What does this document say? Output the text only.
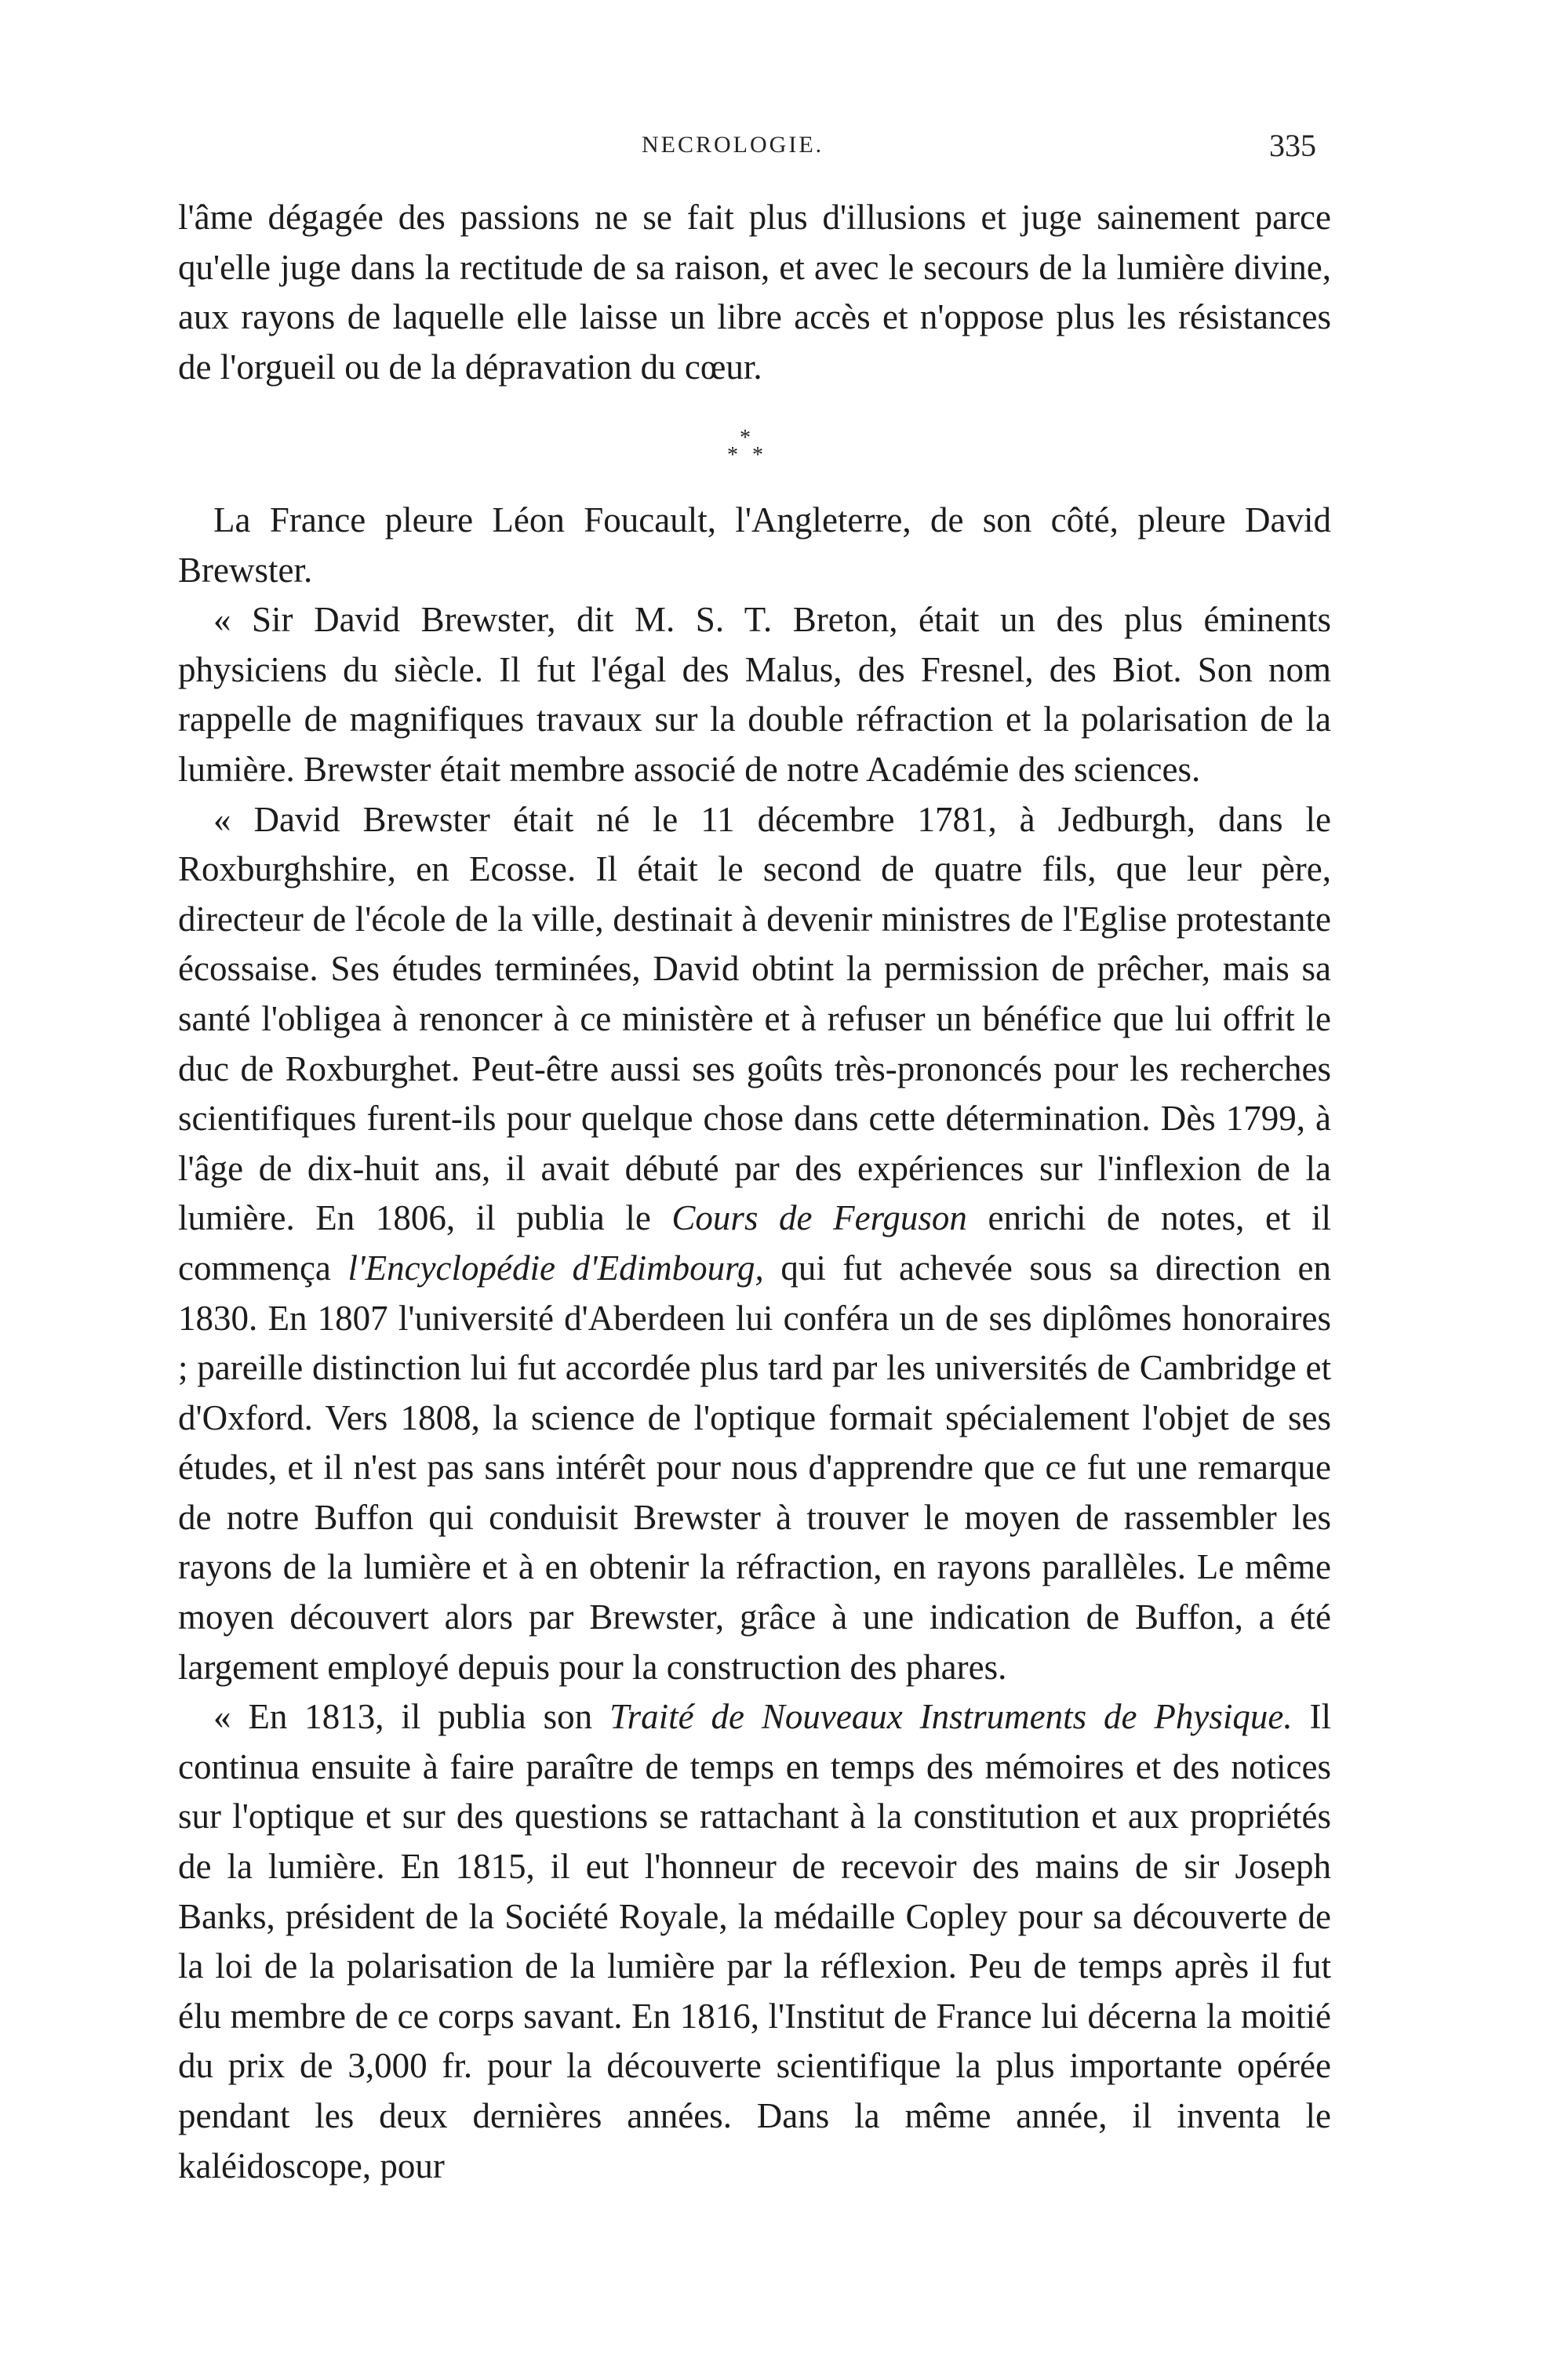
NECROLOGIE.	335

l'âme dégagée des passions ne se fait plus d'illusions et juge sainement parce qu'elle juge dans la rectitude de sa raison, et avec le secours de la lumière divine, aux rayons de laquelle elle laisse un libre accès et n'oppose plus les résistances de l'orgueil ou de la dépravation du cœur.

*
* *

La France pleure Léon Foucault, l'Angleterre, de son côté, pleure David Brewster.

« Sir David Brewster, dit M. S. T. Breton, était un des plus éminents physiciens du siècle. Il fut l'égal des Malus, des Fresnel, des Biot. Son nom rappelle de magnifiques travaux sur la double réfraction et la polarisation de la lumière. Brewster était membre associé de notre Académie des sciences.

« David Brewster était né le 11 décembre 1781, à Jedburgh, dans le Roxburghshire, en Ecosse. Il était le second de quatre fils, que leur père, directeur de l'école de la ville, destinait à devenir ministres de l'Eglise protestante écossaise. Ses études terminées, David obtint la permission de prêcher, mais sa santé l'obligea à renoncer à ce ministère et à refuser un bénéfice que lui offrit le duc de Roxburghet. Peut-être aussi ses goûts très-prononcés pour les recherches scientifiques furent-ils pour quelque chose dans cette détermination. Dès 1799, à l'âge de dix-huit ans, il avait débuté par des expériences sur l'inflexion de la lumière. En 1806, il publia le Cours de Ferguson enrichi de notes, et il commença l'Encyclopédie d'Edimbourg, qui fut achevée sous sa direction en 1830. En 1807 l'université d'Aberdeen lui conféra un de ses diplômes honoraires ; pareille distinction lui fut accordée plus tard par les universités de Cambridge et d'Oxford. Vers 1808, la science de l'optique formait spécialement l'objet de ses études, et il n'est pas sans intérêt pour nous d'apprendre que ce fut une remarque de notre Buffon qui conduisit Brewster à trouver le moyen de rassembler les rayons de la lumière et à en obtenir la réfraction, en rayons parallèles. Le même moyen découvert alors par Brewster, grâce à une indication de Buffon, a été largement employé depuis pour la construction des phares.

« En 1813, il publia son Traité de Nouveaux Instruments de Physique. Il continua ensuite à faire paraître de temps en temps des mémoires et des notices sur l'optique et sur des questions se rattachant à la constitution et aux propriétés de la lumière. En 1815, il eut l'honneur de recevoir des mains de sir Joseph Banks, président de la Société Royale, la médaille Copley pour sa découverte de la loi de la polarisation de la lumière par la réflexion. Peu de temps après il fut élu membre de ce corps savant. En 1816, l'Institut de France lui décerna la moitié du prix de 3,000 fr. pour la découverte scientifique la plus importante opérée pendant les deux dernières années. Dans la même année, il inventa le kaléidoscope, pour
